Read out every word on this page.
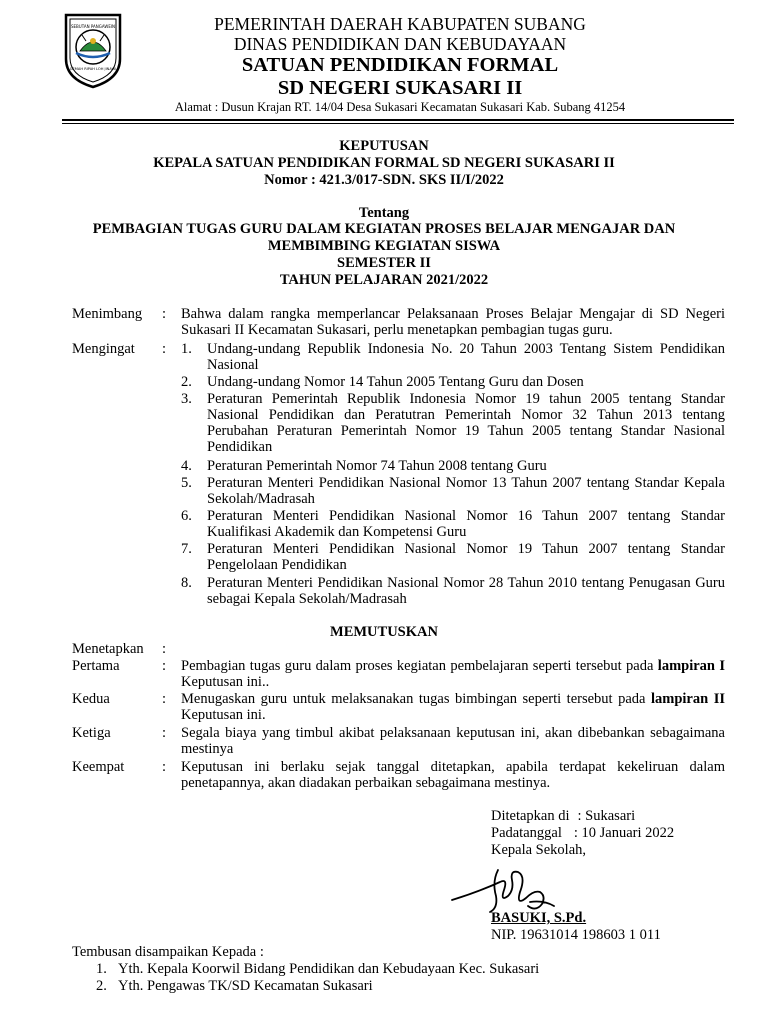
SEBUTAN PANGAWEIN
GEMAH RIPAH LOH JINAWI
PEMERINTAH DAERAH KABUPATEN SUBANG
DINAS PENDIDIKAN DAN KEBUDAYAAN
SATUAN PENDIDIKAN FORMAL
SD NEGERI SUKASARI II
Alamat : Dusun Krajan RT. 14/04 Desa Sukasari Kecamatan Sukasari Kab. Subang 41254
KEPUTUSAN
KEPALA SATUAN PENDIDIKAN FORMAL SD NEGERI SUKASARI II
Nomor : 421.3/017-SDN. SKS II/I/2022
Tentang
PEMBAGIAN TUGAS GURU DALAM KEGIATAN PROSES BELAJAR MENGAJAR DAN
MEMBIMBING KEGIATAN SISWA
SEMESTER II
TAHUN PELAJARAN 2021/2022
Menimbang : Bahwa dalam rangka memperlancar Pelaksanaan Proses Belajar Mengajar di SD Negeri Sukasari II Kecamatan Sukasari, perlu menetapkan pembagian tugas guru.
Mengingat : 1. Undang-undang Republik Indonesia No. 20 Tahun 2003 Tentang Sistem Pendidikan Nasional
2. Undang-undang Nomor 14 Tahun 2005 Tentang Guru dan Dosen
3. Peraturan Pemerintah Republik Indonesia Nomor 19 tahun 2005 tentang Standar Nasional Pendidikan dan Peratutran Pemerintah Nomor 32 Tahun 2013 tentang Perubahan Peraturan Pemerintah Nomor 19 Tahun 2005 tentang Standar Nasional Pendidikan
4. Peraturan Pemerintah Nomor 74 Tahun 2008 tentang Guru
5. Peraturan Menteri Pendidikan Nasional Nomor 13 Tahun 2007 tentang Standar Kepala Sekolah/Madrasah
6. Peraturan Menteri Pendidikan Nasional Nomor 16 Tahun 2007 tentang Standar Kualifikasi Akademik dan Kompetensi Guru
7. Peraturan Menteri Pendidikan Nasional Nomor 19 Tahun 2007 tentang Standar Pengelolaan Pendidikan
8. Peraturan Menteri Pendidikan Nasional Nomor 28 Tahun 2010 tentang Penugasan Guru sebagai Kepala Sekolah/Madrasah
MEMUTUSKAN
Menetapkan :
Pertama	: Pembagian tugas guru dalam proses kegiatan pembelajaran seperti tersebut pada lampiran I Keputusan ini..
Kedua	: Menugaskan guru untuk melaksanakan tugas bimbingan seperti tersebut pada lampiran II Keputusan ini.
Ketiga	: Segala biaya yang timbul akibat pelaksanaan keputusan ini, akan dibebankan sebagaimana mestinya
Keempat	: Keputusan ini berlaku sejak tanggal ditetapkan, apabila terdapat kekeliruan dalam penetapannya, akan diadakan perbaikan sebagaimana mestinya.
Ditetapkan di : Sukasari
Padatanggal : 10 Januari 2022
Kepala Sekolah,
BASUKI, S.Pd.
NIP. 19631014 198603 1 011
Tembusan disampaikan Kepada :
1. Yth. Kepala Koorwil Bidang Pendidikan dan Kebudayaan Kec. Sukasari
2. Yth. Pengawas TK/SD Kecamatan Sukasari
